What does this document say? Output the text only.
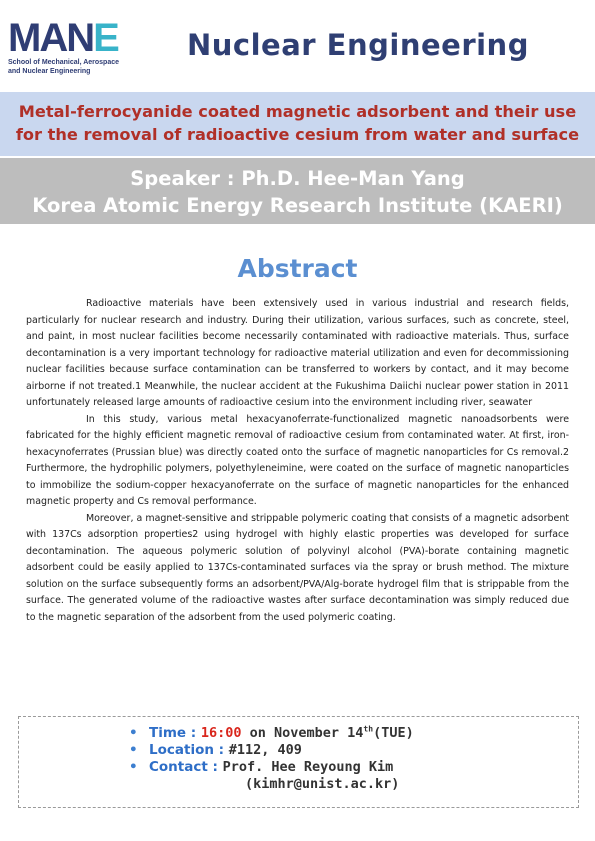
MAN E
School of Mechanical, Aerospace
and Nuclear Engineering
Nuclear Engineering
Metal-ferrocyanide coated magnetic adsorbent and their use
for the removal of radioactive cesium from water and surface
Speaker : Ph.D. Hee-Man Yang
Korea Atomic Energy Research Institute (KAERI)
Abstract

Radioactive materials have been extensively used in various industrial and research fields, particularly for nuclear research and industry. During their utilization, various surfaces, such as concrete, steel, and paint, in most nuclear facilities become necessarily contaminated with radioactive materials. Thus, surface decontamination is a very important technology for radioactive material utilization and even for decommissioning nuclear facilities because surface contamination can be transferred to workers by contact, and it may become airborne if not treated.1 Meanwhile, the nuclear accident at the Fukushima Daiichi nuclear power station in 2011 unfortunately released large amounts of radioactive cesium into the environment including river, seawater

In this study, various metal hexacyanoferrate-functionalized magnetic nanoadsorbents were fabricated for the highly efficient magnetic removal of radioactive cesium from contaminated water. At first, iron-hexacynoferrates (Prussian blue) was directly coated onto the surface of magnetic nanoparticles for Cs removal.2 Furthermore, the hydrophilic polymers, polyethyleneimine, were coated on the surface of magnetic nanoparticles to immobilize the sodium-copper hexacyanoferrate on the surface of magnetic nanoparticles for the enhanced magnetic property and Cs removal performance.

Moreover, a magnet-sensitive and strippable polymeric coating that consists of a magnetic adsorbent with 137Cs adsorption properties2 using hydrogel with highly elastic properties was developed for surface decontamination. The aqueous polymeric solution of polyvinyl alcohol (PVA)-borate containing magnetic adsorbent could be easily applied to 137Cs-contaminated surfaces via the spray or brush method. The mixture solution on the surface subsequently forms an adsorbent/PVA/Alg-borate hydrogel film that is strippable from the surface. The generated volume of the radioactive wastes after surface decontamination was simply reduced due to the magnetic separation of the adsorbent from the used polymeric coating.

• Time : 16:00 on November 14th(TUE)
• Location : #112, 409
• Contact : Prof. Hee Reyoung Kim
(kimhr@unist.ac.kr)
